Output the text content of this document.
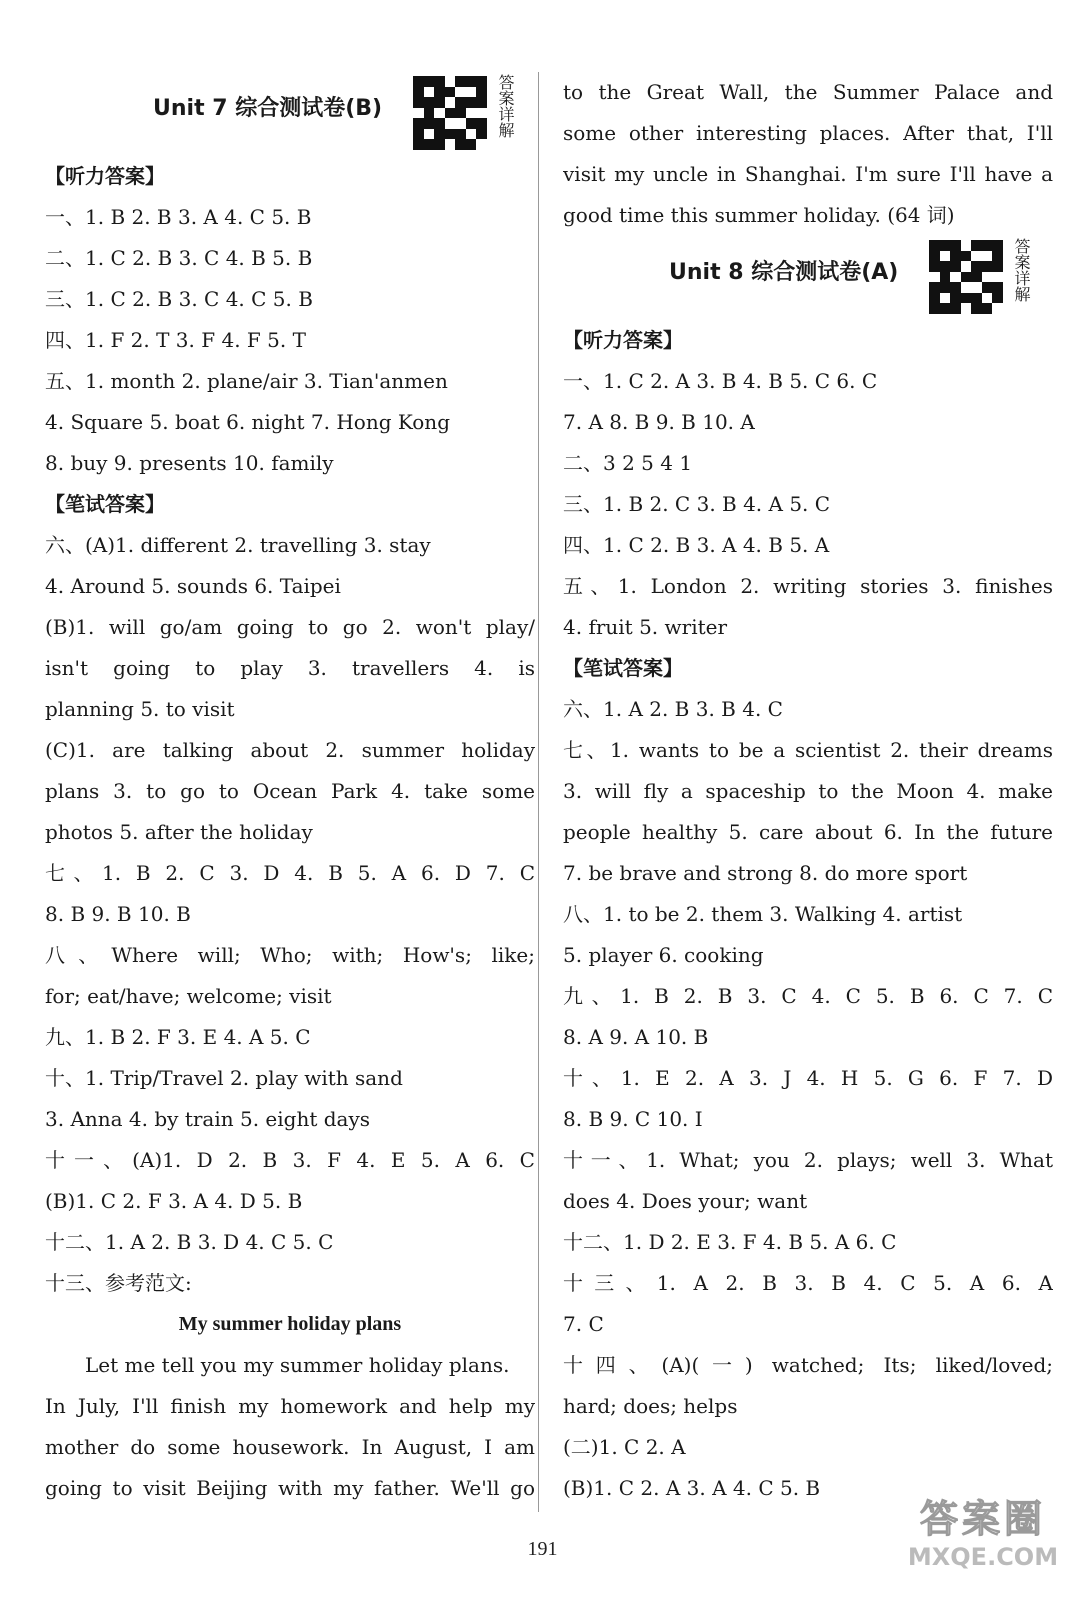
Unit 7 综合测试卷(B)	答案详解
【听力答案】
一、1. B 2. B 3. A 4. C 5. B
二、1. C 2. B 3. C 4. B 5. B
三、1. C 2. B 3. C 4. C 5. B
四、1. F 2. T 3. F 4. F 5. T
五、1. month 2. plane/air 3. Tian'anmen
4. Square 5. boat 6. night 7. Hong Kong
8. buy 9. presents 10. family
【笔试答案】
六、(A)1. different 2. travelling 3. stay
4. Around 5. sounds 6. Taipei
(B)1. will go/am going to go 2. won't play/
isn't going to play 3. travellers 4. is
planning 5. to visit
(C)1. are talking about 2. summer holiday
plans 3. to go to Ocean Park 4. take some
photos 5. after the holiday
七、1. B 2. C 3. D 4. B 5. A 6. D 7. C
8. B 9. B 10. B
八、Where will; Who; with; How's; like;
for; eat/have; welcome; visit
九、1. B 2. F 3. E 4. A 5. C
十、1. Trip/Travel 2. play with sand
3. Anna 4. by train 5. eight days
十一、(A)1. D 2. B 3. F 4. E 5. A 6. C
(B)1. C 2. F 3. A 4. D 5. B
十二、1. A 2. B 3. D 4. C 5. C
十三、参考范文:
My summer holiday plans
Let me tell you my summer holiday plans.
In July, I'll finish my homework and help my
mother do some housework. In August, I am
going to visit Beijing with my father. We'll go
to the Great Wall, the Summer Palace and
some other interesting places. After that, I'll
visit my uncle in Shanghai. I'm sure I'll have a
good time this summer holiday. (64 词)
Unit 8 综合测试卷(A)	答案详解
【听力答案】
一、1. C 2. A 3. B 4. B 5. C 6. C
7. A 8. B 9. B 10. A
二、3 2 5 4 1
三、1. B 2. C 3. B 4. A 5. C
四、1. C 2. B 3. A 4. B 5. A
五、1. London 2. writing stories 3. finishes
4. fruit 5. writer
【笔试答案】
六、1. A 2. B 3. B 4. C
七、1. wants to be a scientist 2. their dreams
3. will fly a spaceship to the Moon 4. make
people healthy 5. care about 6. In the future
7. be brave and strong 8. do more sport
八、1. to be 2. them 3. Walking 4. artist
5. player 6. cooking
九、1. B 2. B 3. C 4. C 5. B 6. C 7. C
8. A 9. A 10. B
十、1. E 2. A 3. J 4. H 5. G 6. F 7. D
8. B 9. C 10. I
十一、1. What; you 2. plays; well 3. What
does 4. Does your; want
十二、1. D 2. E 3. F 4. B 5. A 6. C
十三、1. A 2. B 3. B 4. C 5. A 6. A
7. C
十四、(A)(一) watched; Its; liked/loved;
hard; does; helps
(二)1. C 2. A
(B)1. C 2. A 3. A 4. C 5. B
191
答案圈
MXQE.COM
